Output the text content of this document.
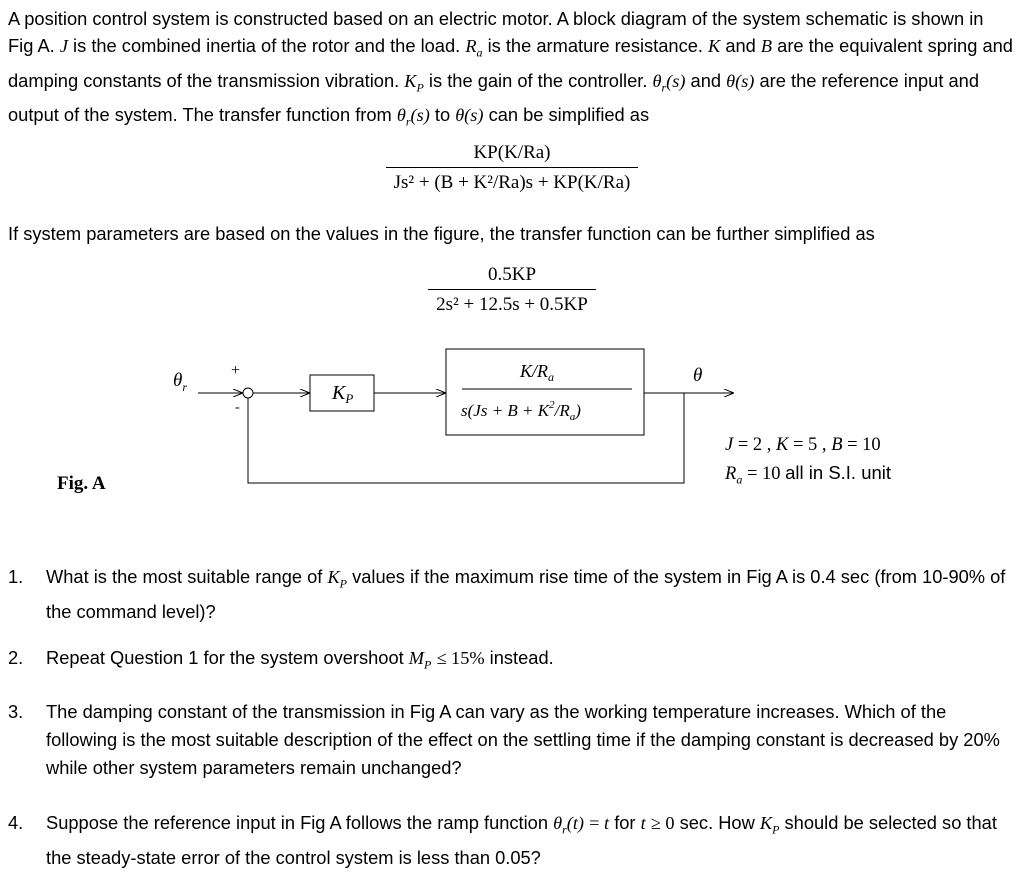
A position control system is constructed based on an electric motor. A block diagram of the system schematic is shown in Fig A. J is the combined inertia of the rotor and the load. $R_a$ is the armature resistance. K and B are the equivalent spring and damping constants of the transmission vibration. $K_P$ is the gain of the controller. $\theta_r(s)$ and θ(s) are the reference input and output of the system. The transfer function from $\theta_r(s)$ to θ(s) can be simplified as
$\frac{KP(K/Ra)}{\text{Js² + (B + K²/Ra)s + KP(K/Ra)}}$
If system parameters are based on the values in the figure, the transfer function can be further simplified as
$\frac{0.5KP}{\text{2s² + 12.5s + 0.5KP}}$
$K_P$
$K/R_a$
$s(Js + B + K^2/R_a)$
$\theta_r$
+
-
θ
Fig. A
J = 2 , K = 5 , B = 10
$R_a = 10$ all in S.I. unit
1. What is the most suitable range of $K_P$ values if the maximum rise time of the system in Fig A is 0.4 sec (from 10-90% of the command level)?
2. Repeat Question 1 for the system overshoot $M_P \le 15\%$ instead.
3. The damping constant of the transmission in Fig A can vary as the working temperature increases. Which of the following is the most suitable description of the effect on the settling time if the damping constant is decreased by 20% while other system parameters remain unchanged?
4. Suppose the reference input in Fig A follows the ramp function $\theta_r(t) = t$ for t ≥ 0 sec. How $K_P$ should be selected so that the steady-state error of the control system is less than 0.05?
